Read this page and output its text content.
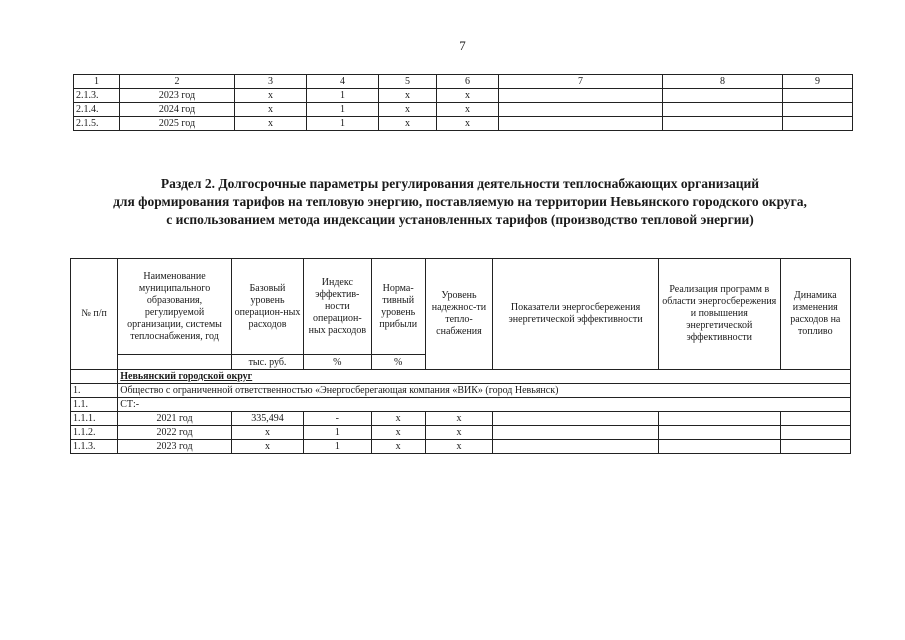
7
1	2	3	4	5	6	7	8	9
2.1.3.	2023 год	x	1	x	x			
2.1.4.	2024 год	x	1	x	x			
2.1.5.	2025 год	x	1	x	x			
Раздел 2. Долгосрочные параметры регулирования деятельности теплоснабжающих организаций
для формирования тарифов на тепловую энергию, поставляемую на территории Невьянского городского округа,
с использованием метода индексации установленных тарифов (производство тепловой энергии)
№ п/п	Наименование муниципального образования, регулируемой организации, системы теплоснабжения, год	Базовый уровень операцион-ных расходов	Индекс эффектив-ности операцион-ных расходов	Норма-тивный уровень прибыли	Уровень надежнос-ти тепло-снабжения	Показатели энергосбережения энергетической эффективности	Реализация программ в области энергосбережения и повышения энергетической эффективности	Динамика изменения расходов на топливо
		тыс. руб.	%	%				
	Невьянский городской округ							
1.	Общество с ограниченной ответственностью «Энергосберегающая компания «ВИК» (город Невьянск)							
1.1.	СТ:-							
1.1.1.	2021 год	335,494	-	x	x			
1.1.2.	2022 год	x	1	x	x			
1.1.3.	2023 год	x	1	x	x			
